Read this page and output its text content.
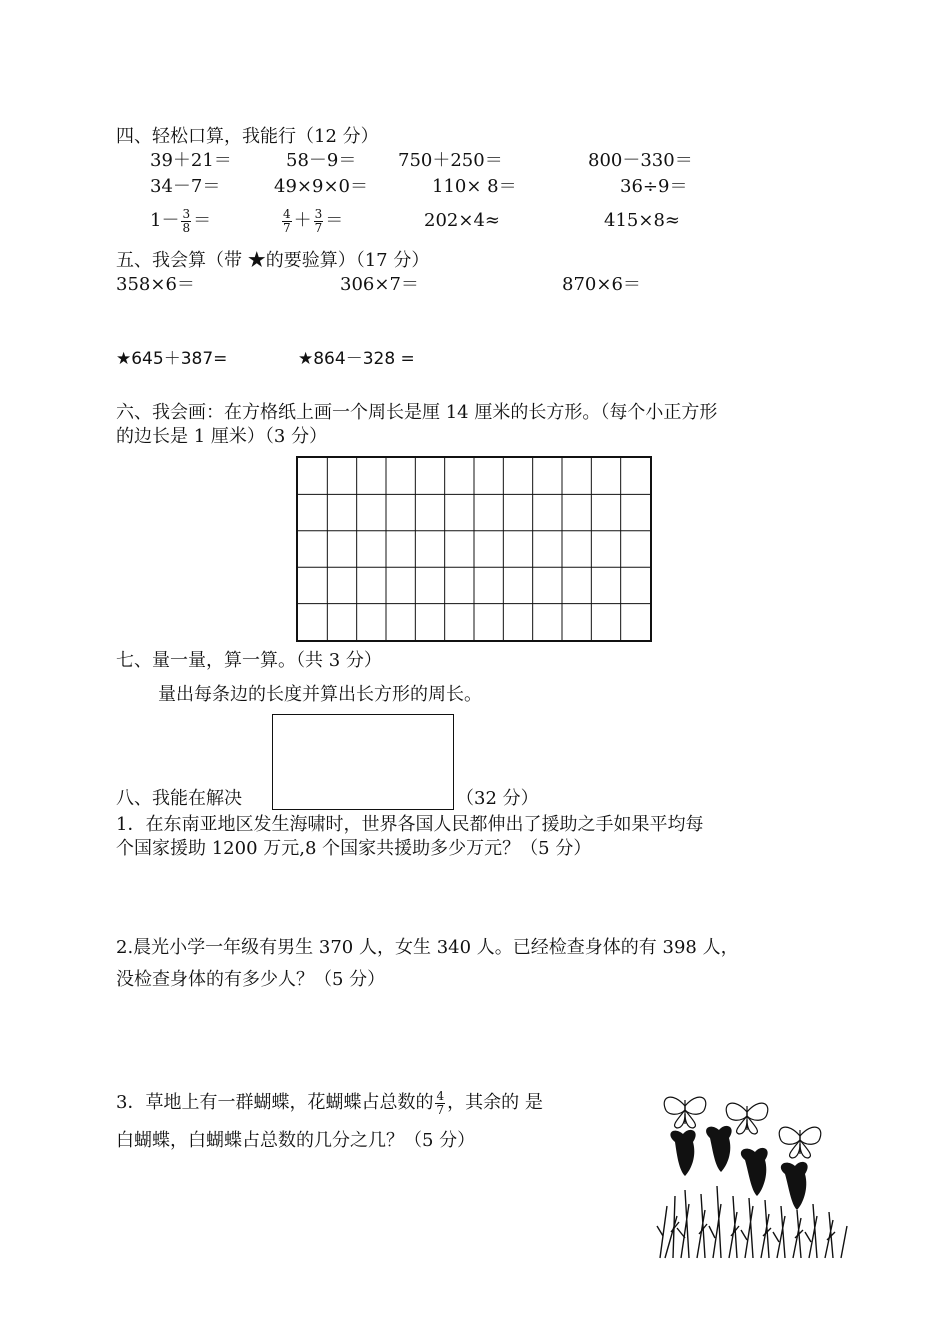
四、轻松口算，我能行（12 分）
39＋21＝	58－9＝ 750＋250＝	800－330＝
34－7＝	49×9×0＝	110× 8＝	36÷9＝
$1- \frac{3}{8}$ ＝	$\frac{4}{7} + \frac{3}{7}$ ＝	202×4≈	415×8≈
五、我会算（带 ★的要验算）（17 分）
358×6＝	306×7＝	870×6＝
★645＋387=	★864－328 =
六、我会画：在方格纸上画一个周长是厘 14 厘米的长方形。（每个小正方形
的边长是 1 厘米）（3 分）
七、量一量，算一算。（共 3 分）
量出每条边的长度并算出长方形的周长。
八、我能在解决	（32 分）
1．在东南亚地区发生海啸时，世界各国人民都伸出了援助之手如果平均每
个国家援助 1200 万元,8 个国家共援助多少万元？（5 分）
2.晨光小学一年级有男生 370 人，女生 340 人。已经检查身体的有 398 人，
没检查身体的有多少人？（5 分）
3．草地上有一群蝴蝶，花蝴蝶占总数的 $\frac{4}{7}$ ，其余的 是
白蝴蝶，白蝴蝶占总数的几分之几？（5 分）
